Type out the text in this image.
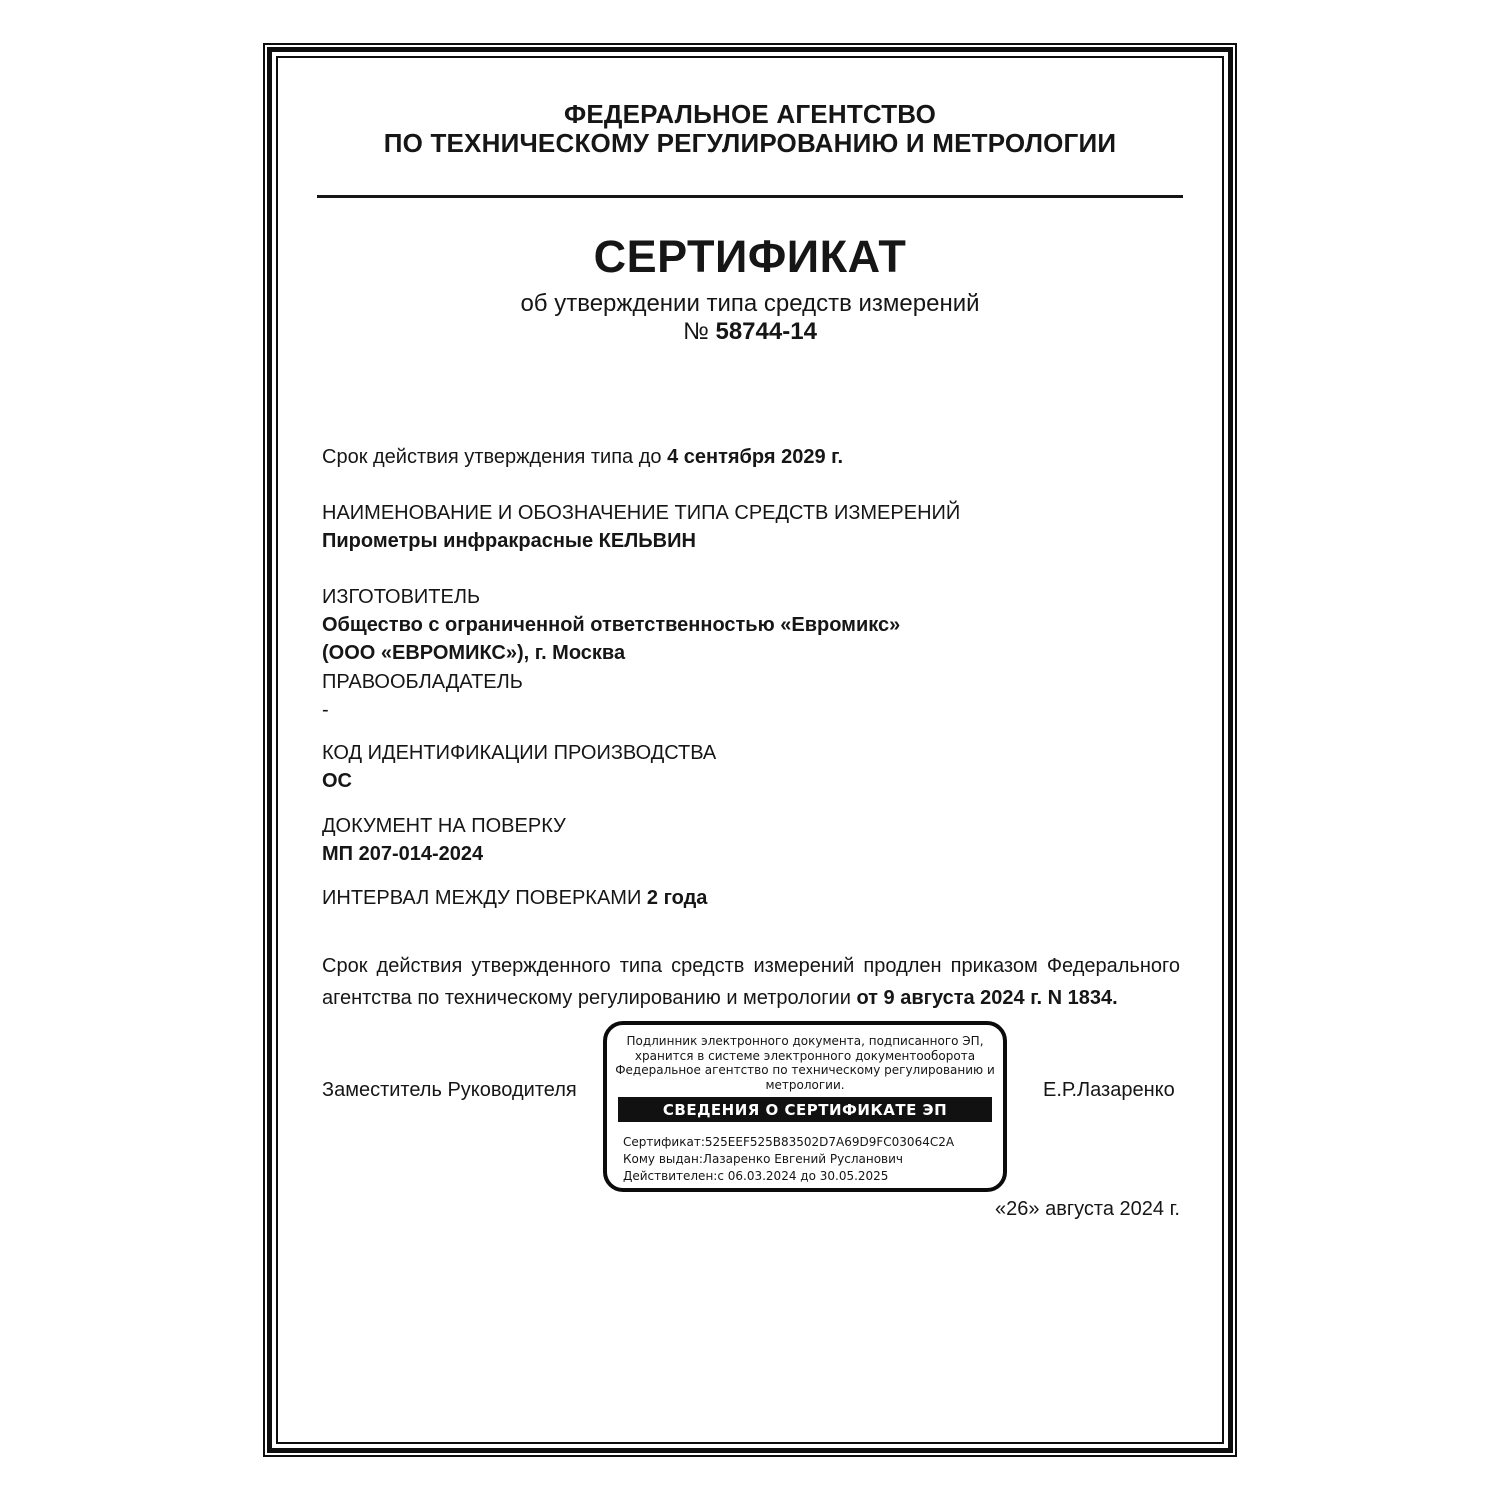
ФЕДЕРАЛЬНОЕ АГЕНТСТВО
ПО ТЕХНИЧЕСКОМУ РЕГУЛИРОВАНИЮ И МЕТРОЛОГИИ
СЕРТИФИКАТ
об утверждении типа средств измерений
№ 58744-14
Срок действия утверждения типа до 4 сентября 2029 г.
НАИМЕНОВАНИЕ И ОБОЗНАЧЕНИЕ ТИПА СРЕДСТВ ИЗМЕРЕНИЙ
Пирометры инфракрасные КЕЛЬВИН
ИЗГОТОВИТЕЛЬ
Общество с ограниченной ответственностью «Евромикс»
(ООО «ЕВРОМИКС»), г. Москва
ПРАВООБЛАДАТЕЛЬ
-
КОД ИДЕНТИФИКАЦИИ ПРОИЗВОДСТВА
ОС
ДОКУМЕНТ НА ПОВЕРКУ
МП 207-014-2024
ИНТЕРВАЛ МЕЖДУ ПОВЕРКАМИ 2 года
Срок действия утвержденного типа средств измерений продлен приказом Федерального агентства по техническому регулированию и метрологии от 9 августа 2024 г. N 1834.
Подлинник электронного документа, подписанного ЭП,
хранится в системе электронного документооборота
Федеральное агентство по техническому регулированию и
метрологии.
СВЕДЕНИЯ О СЕРТИФИКАТЕ ЭП
Сертификат: 525EEF525B83502D7A69D9FC03064C2A
Кому выдан: Лазаренко Евгений Русланович
Действителен: с 06.03.2024 до 30.05.2025
Заместитель Руководителя	Е.Р.Лазаренко
«26» августа 2024 г.
